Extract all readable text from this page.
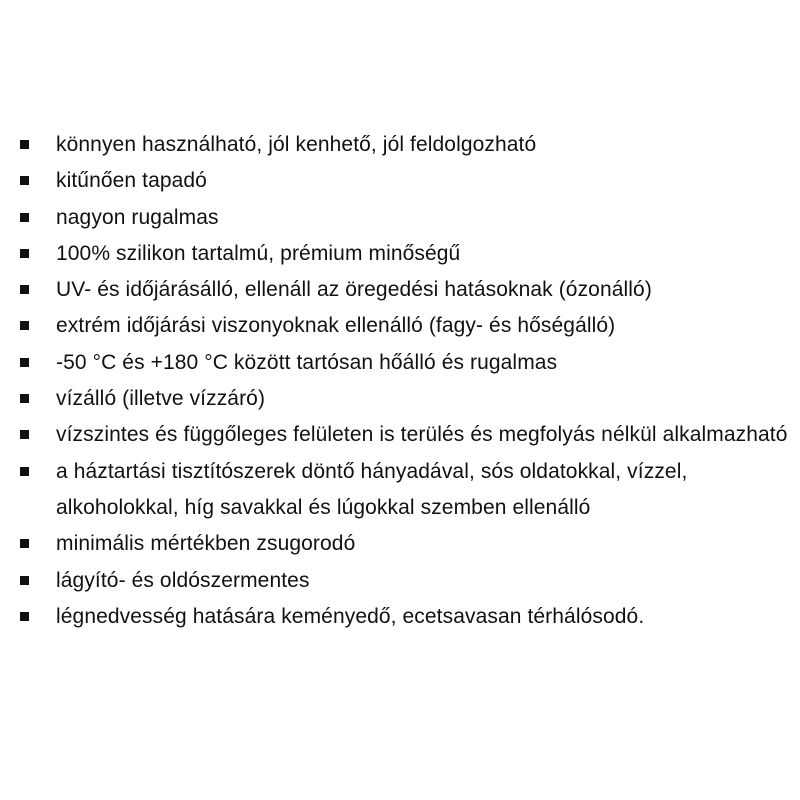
könnyen használható, jól kenhető, jól feldolgozható
kitűnően tapadó
nagyon rugalmas
100% szilikon tartalmú, prémium minőségű
UV- és időjárásálló, ellenáll az öregedési hatásoknak (ózonálló)
extrém időjárási viszonyoknak ellenálló (fagy- és hőségálló)
-50 °C és +180 °C között tartósan hőálló és rugalmas
vízálló (illetve vízzáró)
vízszintes és függőleges felületen is terülés és megfolyás nélkül alkalmazható
a háztartási tisztítószerek döntő hányadával, sós oldatokkal, vízzel, alkoholokkal, híg savakkal és lúgokkal szemben ellenálló
minimális mértékben zsugorodó
lágyító- és oldószermentes
légnedvesség hatására keményedő, ecetsavasan térhálósodó.
